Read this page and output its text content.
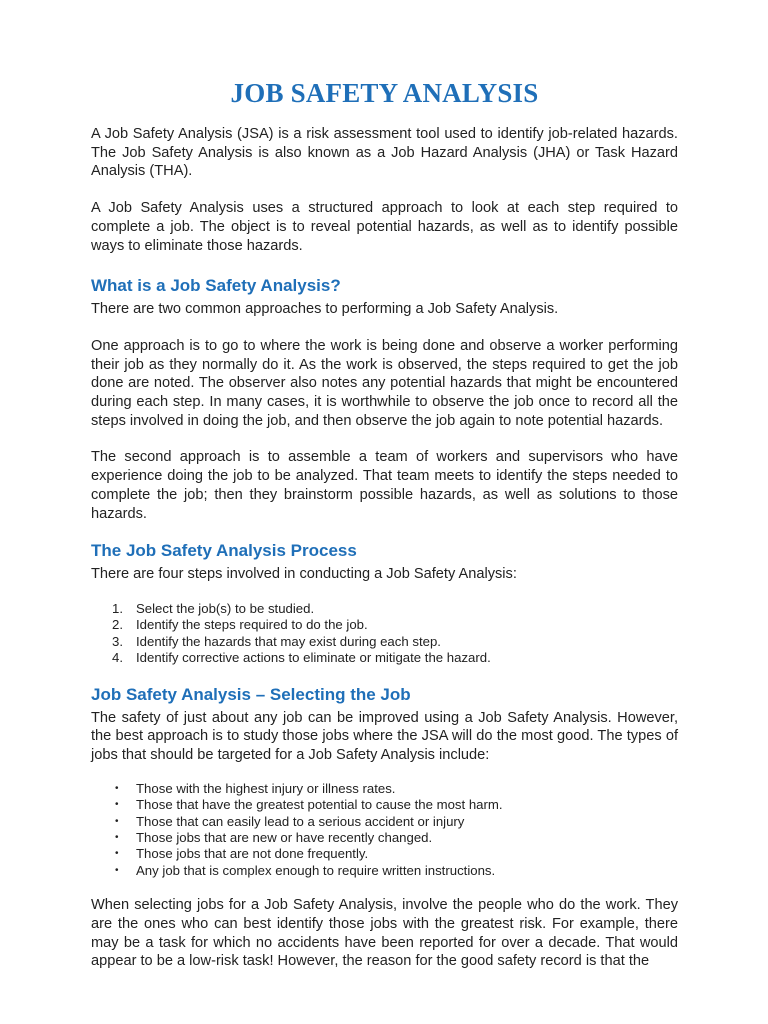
JOB SAFETY ANALYSIS

A Job Safety Analysis (JSA) is a risk assessment tool used to identify job-related hazards. The Job Safety Analysis is also known as a Job Hazard Analysis (JHA) or Task Hazard Analysis (THA).

A Job Safety Analysis uses a structured approach to look at each step required to complete a job. The object is to reveal potential hazards, as well as to identify possible ways to eliminate those hazards.

What is a Job Safety Analysis?

There are two common approaches to performing a Job Safety Analysis.

One approach is to go to where the work is being done and observe a worker performing their job as they normally do it. As the work is observed, the steps required to get the job done are noted. The observer also notes any potential hazards that might be encountered during each step. In many cases, it is worthwhile to observe the job once to record all the steps involved in doing the job, and then observe the job again to note potential hazards.

The second approach is to assemble a team of workers and supervisors who have experience doing the job to be analyzed. That team meets to identify the steps needed to complete the job; then they brainstorm possible hazards, as well as solutions to those hazards.

The Job Safety Analysis Process

There are four steps involved in conducting a Job Safety Analysis:

1. Select the job(s) to be studied.
2. Identify the steps required to do the job.
3. Identify the hazards that may exist during each step.
4. Identify corrective actions to eliminate or mitigate the hazard.
Job Safety Analysis – Selecting the Job

The safety of just about any job can be improved using a Job Safety Analysis. However, the best approach is to study those jobs where the JSA will do the most good. The types of jobs that should be targeted for a Job Safety Analysis include:

• Those with the highest injury or illness rates.
• Those that have the greatest potential to cause the most harm.
• Those that can easily lead to a serious accident or injury
• Those jobs that are new or have recently changed.
• Those jobs that are not done frequently.
• Any job that is complex enough to require written instructions.

When selecting jobs for a Job Safety Analysis, involve the people who do the work. They are the ones who can best identify those jobs with the greatest risk. For example, there may be a task for which no accidents have been reported for over a decade. That would appear to be a low-risk task! However, the reason for the good safety record is that the
